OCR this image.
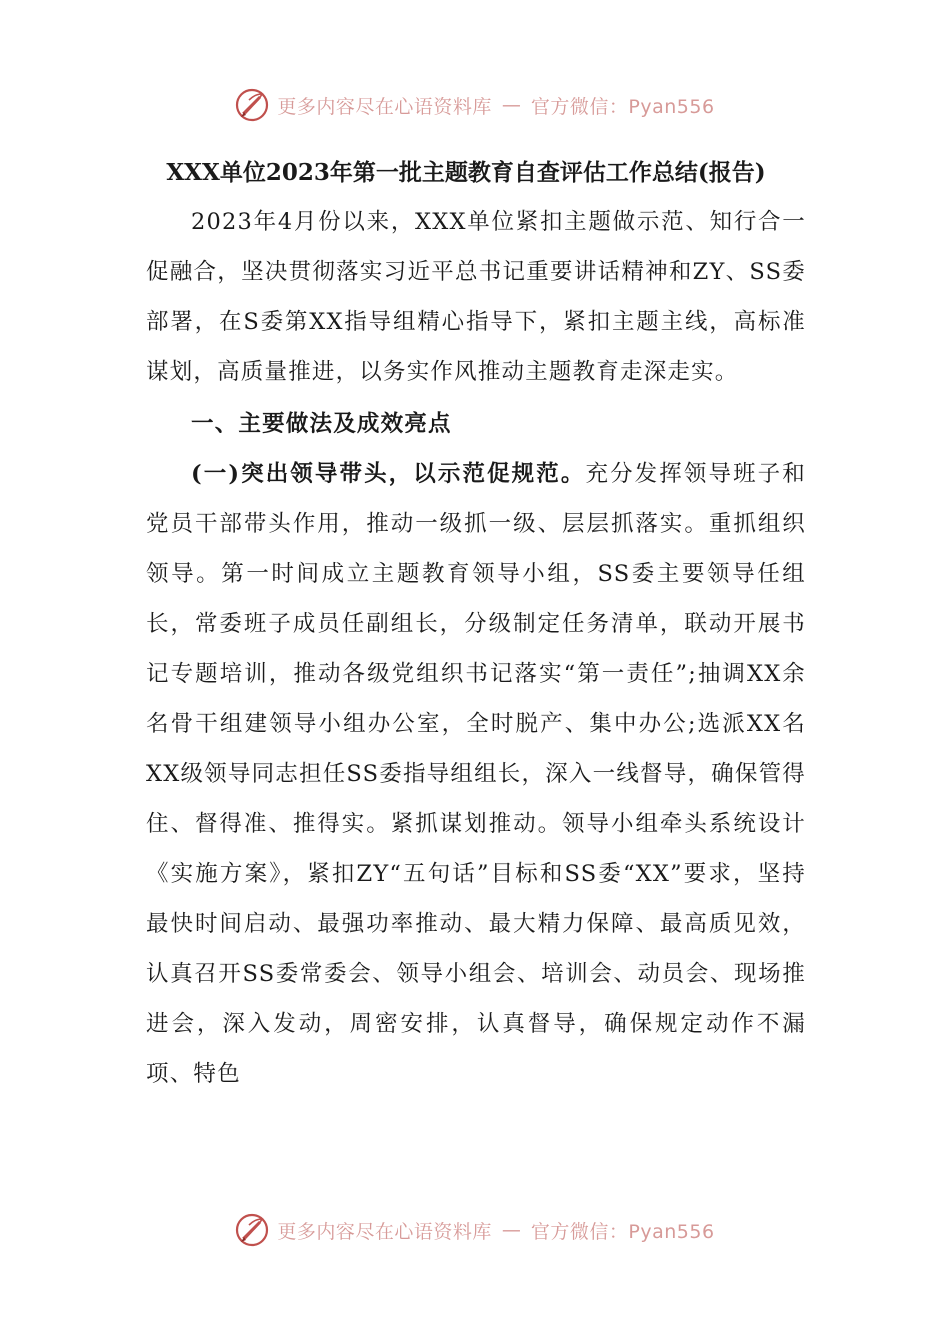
更多内容尽在心语资料库 — 官方微信：Pyan556
XXX单位2023年第一批主题教育自查评估工作总结(报告)

2023年4月份以来，XXX单位紧扣主题做示范、知行合一促融合，坚决贯彻落实习近平总书记重要讲话精神和ZY、SS委部署，在S委第XX指导组精心指导下，紧扣主题主线，高标准谋划，高质量推进，以务实作风推动主题教育走深走实。

一、主要做法及成效亮点

(一)突出领导带头，以示范促规范。充分发挥领导班子和党员干部带头作用，推动一级抓一级、层层抓落实。重抓组织领导。第一时间成立主题教育领导小组，SS委主要领导任组长，常委班子成员任副组长，分级制定任务清单，联动开展书记专题培训，推动各级党组织书记落实“第一责任”;抽调XX余名骨干组建领导小组办公室，全时脱产、集中办公;选派XX名XX级领导同志担任SS委指导组组长，深入一线督导，确保管得住、督得准、推得实。紧抓谋划推动。领导小组牵头系统设计《实施方案》，紧扣ZY“五句话”目标和SS委“XX”要求，坚持最快时间启动、最强功率推动、最大精力保障、最高质见效，认真召开SS委常委会、领导小组会、培训会、动员会、现场推进会，深入发动，周密安排，认真督导，确保规定动作不漏项、特色

更多内容尽在心语资料库 — 官方微信：Pyan556
